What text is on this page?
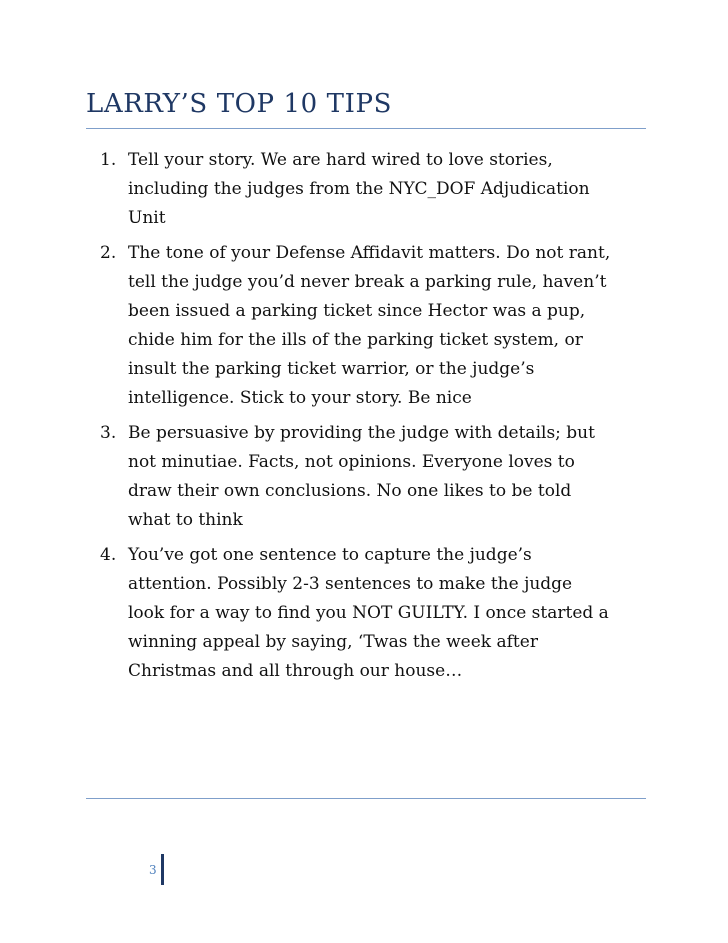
LARRY’S TOP 10 TIPS
1. Tell your story. We are hard wired to love stories,
including the judges from the NYC_DOF Adjudication
Unit
2. The tone of your Defense Affidavit matters. Do not rant,
tell the judge you’d never break a parking rule, haven’t
been issued a parking ticket since Hector was a pup,
chide him for the ills of the parking ticket system, or
insult the parking ticket warrior, or the judge’s
intelligence. Stick to your story. Be nice
3. Be persuasive by providing the judge with details; but
not minutiae. Facts, not opinions. Everyone loves to
draw their own conclusions. No one likes to be told
what to think
4. You’ve got one sentence to capture the judge’s
attention. Possibly 2-3 sentences to make the judge
look for a way to find you NOT GUILTY. I once started a
winning appeal by saying, ‘Twas the week after
Christmas and all through our house…
3
